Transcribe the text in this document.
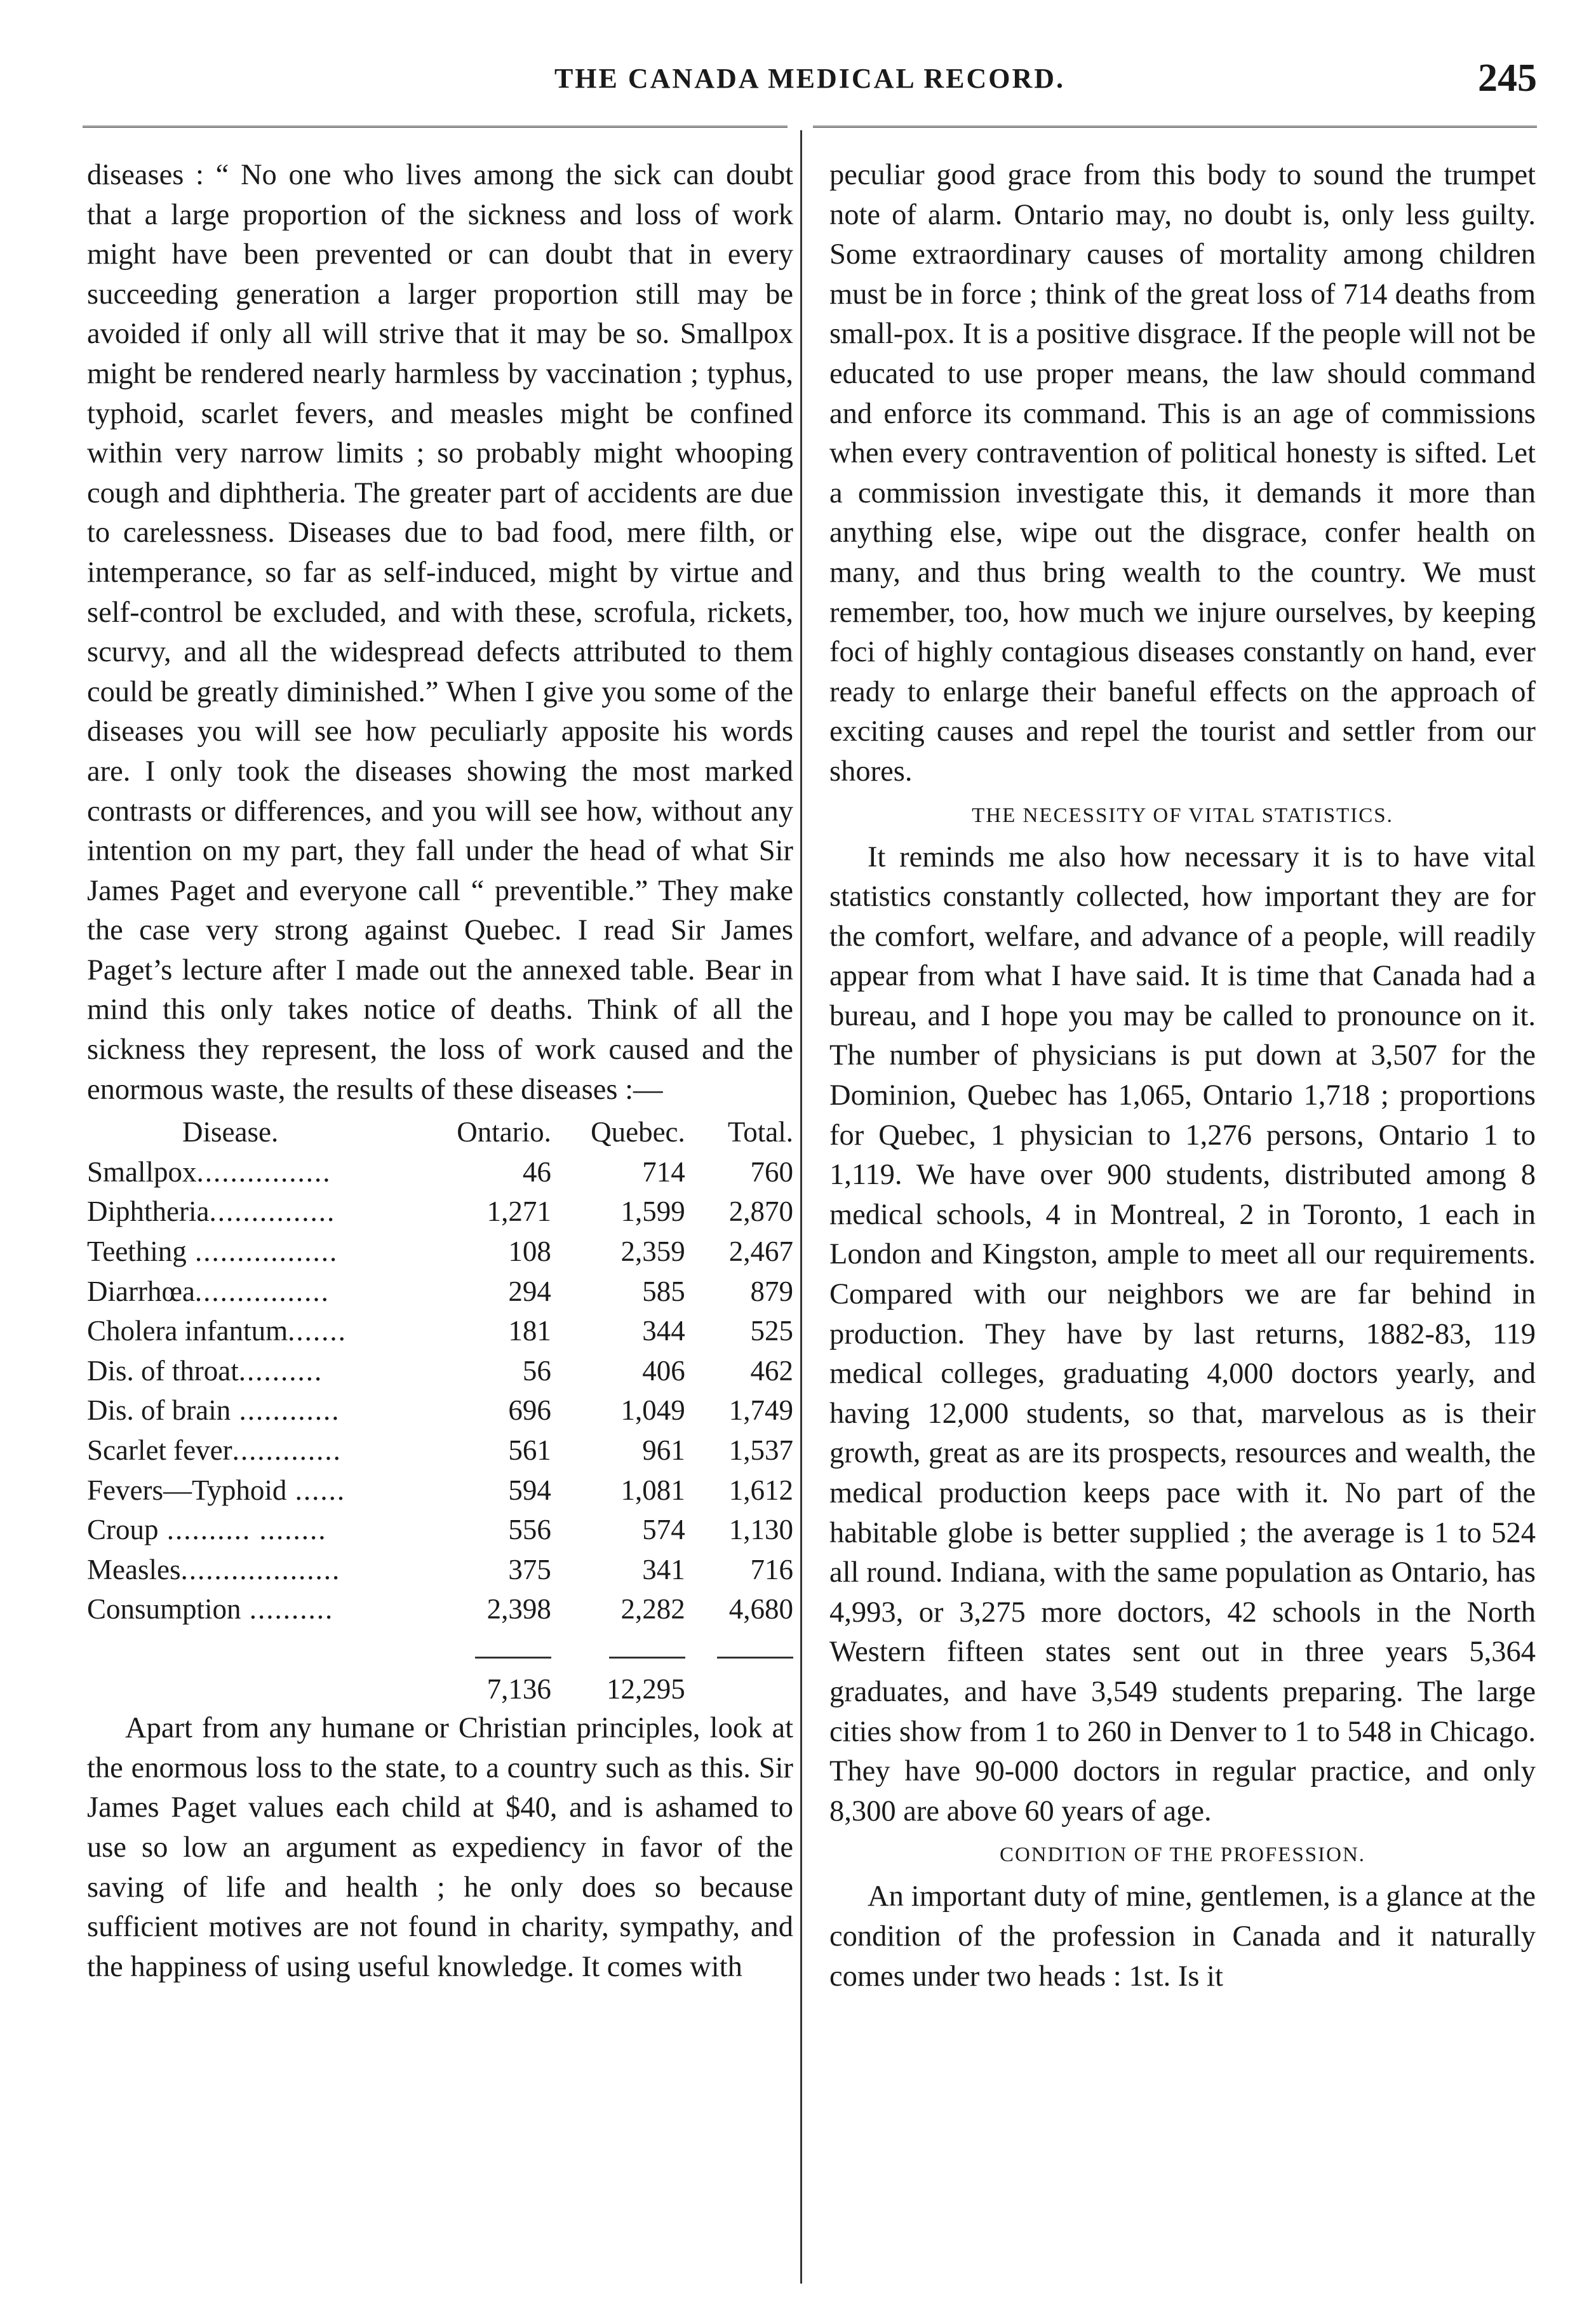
THE CANADA MEDICAL RECORD.	245

diseases : “ No one who lives among the sick can doubt that a large proportion of the sickness and loss of work might have been prevented or can doubt that in every succeeding generation a larger proportion still may be avoided if only all will strive that it may be so. Smallpox might be rendered nearly harmless by vaccination ; typhus, typhoid, scarlet fevers, and measles might be confined within very narrow limits ; so probably might whooping cough and diphtheria. The greater part of accidents are due to carelessness. Diseases due to bad food, mere filth, or intemperance, so far as self-induced, might by virtue and self-control be excluded, and with these, scrofula, rickets, scurvy, and all the widespread defects attributed to them could be greatly diminished.” When I give you some of the diseases you will see how peculiarly apposite his words are. I only took the diseases showing the most marked contrasts or differences, and you will see how, without any intention on my part, they fall under the head of what Sir James Paget and everyone call “ preventible.” They make the case very strong against Quebec. I read Sir James Paget’s lecture after I made out the annexed table. Bear in mind this only takes notice of deaths. Think of all the sickness they represent, the loss of work caused and the enormous waste, the results of these diseases :—

Disease.	Ontario.	Quebec.	Total.
Smallpox................	46	714	760
Diphtheria...............	1,271	1,599	2,870
Teething .................	108	2,359	2,467
Diarrhœa................	294	585	879
Cholera infantum.......	181	344	525
Dis. of throat..........	56	406	462
Dis. of brain ............	696	1,049	1,749
Scarlet fever.............	561	961	1,537
Fevers—Typhoid ......	594	1,081	1,612
Croup .......... ........	556	574	1,130
Measles...................	375	341	716
Consumption ..........	2,398	2,282	4,680

	7,136	12,295	

Apart from any humane or Christian principles, look at the enormous loss to the state, to a country such as this. Sir James Paget values each child at $40, and is ashamed to use so low an argument as expediency in favor of the saving of life and health ; he only does so because sufficient motives are not found in charity, sympathy, and the happiness of using useful knowledge. It comes with

peculiar good grace from this body to sound the trumpet note of alarm. Ontario may, no doubt is, only less guilty. Some extraordinary causes of mortality among children must be in force ; think of the great loss of 714 deaths from small-pox. It is a positive disgrace. If the people will not be educated to use proper means, the law should command and enforce its command. This is an age of commissions when every contravention of political honesty is sifted. Let a commission investigate this, it demands it more than anything else, wipe out the disgrace, confer health on many, and thus bring wealth to the country. We must remember, too, how much we injure ourselves, by keeping foci of highly contagious diseases constantly on hand, ever ready to enlarge their baneful effects on the approach of exciting causes and repel the tourist and settler from our shores.

THE NECESSITY OF VITAL STATISTICS.

It reminds me also how necessary it is to have vital statistics constantly collected, how important they are for the comfort, welfare, and advance of a people, will readily appear from what I have said. It is time that Canada had a bureau, and I hope you may be called to pronounce on it. The number of physicians is put down at 3,507 for the Dominion, Quebec has 1,065, Ontario 1,718 ; proportions for Quebec, 1 physician to 1,276 persons, Ontario 1 to 1,119. We have over 900 students, distributed among 8 medical schools, 4 in Montreal, 2 in Toronto, 1 each in London and Kingston, ample to meet all our requirements. Compared with our neighbors we are far behind in production. They have by last returns, 1882-83, 119 medical colleges, graduating 4,000 doctors yearly, and having 12,000 students, so that, marvelous as is their growth, great as are its prospects, resources and wealth, the medical production keeps pace with it. No part of the habitable globe is better supplied ; the average is 1 to 524 all round. Indiana, with the same population as Ontario, has 4,993, or 3,275 more doctors, 42 schools in the North Western fifteen states sent out in three years 5,364 graduates, and have 3,549 students preparing. The large cities show from 1 to 260 in Denver to 1 to 548 in Chicago. They have 90-000 doctors in regular practice, and only 8,300 are above 60 years of age.

CONDITION OF THE PROFESSION.

An important duty of mine, gentlemen, is a glance at the condition of the profession in Canada and it naturally comes under two heads : 1st. Is it
